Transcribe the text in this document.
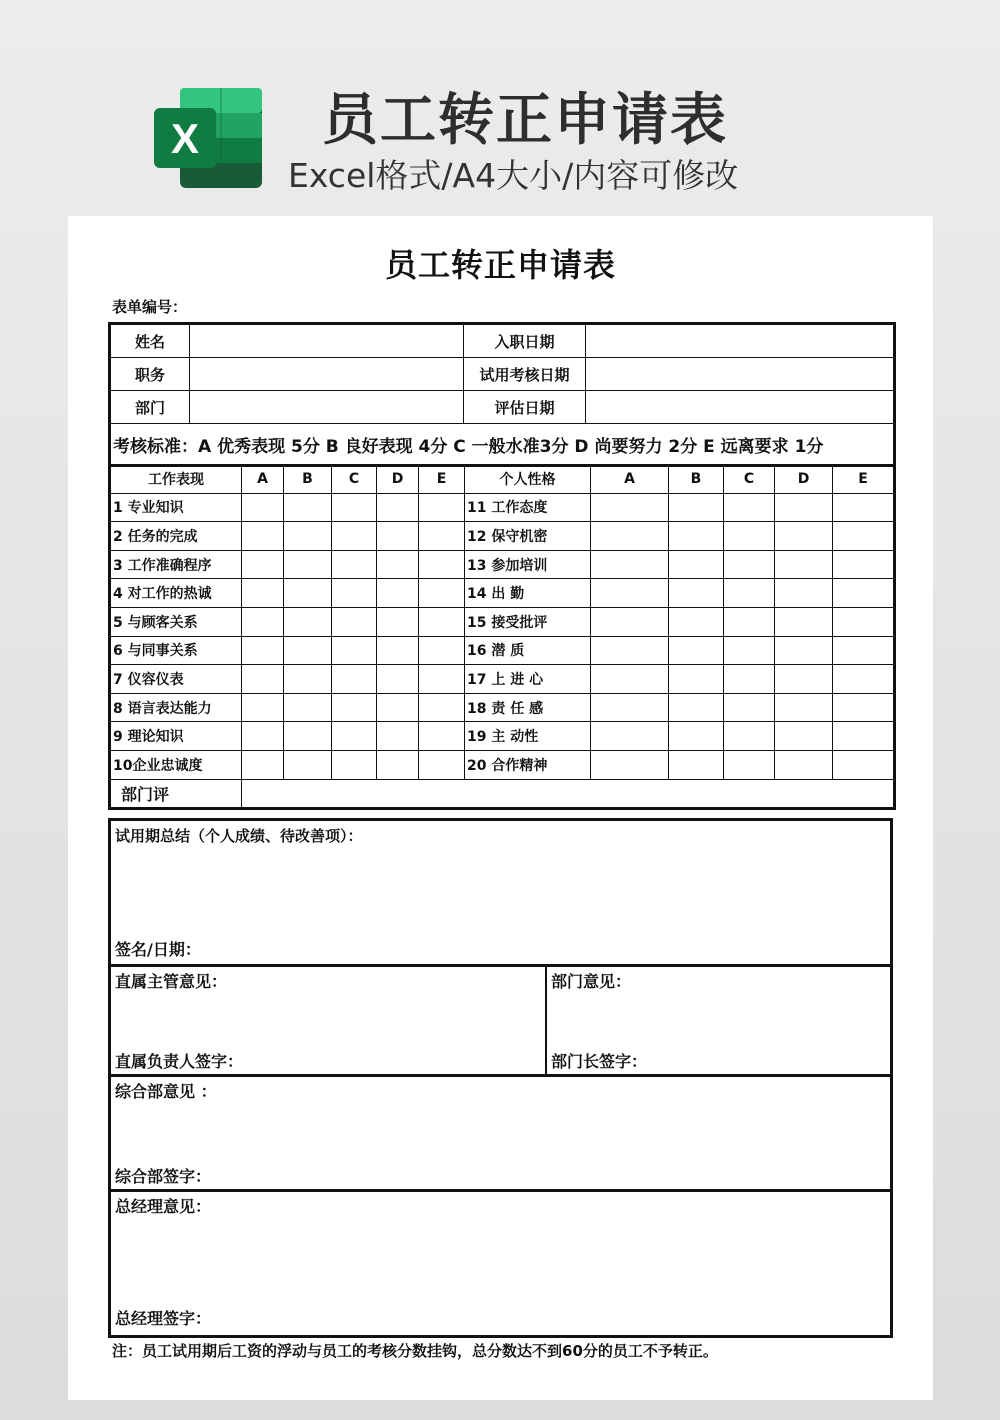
X 员工转正申请表
Excel格式/A4大小/内容可修改
员工转正申请表
表单编号：
姓名		入职日期	
职务		试用考核日期	
部门		评估日期	
考核标准：A 优秀表现 5分 B 良好表现 4分 C 一般水准3分 D 尚要努力 2分 E 远离要求 1分			
工作表现	A	B	C	D	E	个人性格	A	B	C	D	E
1 专业知识						11 工作态度					
2 任务的完成						12 保守机密					
3 工作准确程序						13 参加培训					
4 对工作的热诚						14 出 勤					
5 与顾客关系						15 接受批评					
6 与同事关系						16 潜 质					
7 仪容仪表						17 上 进 心					
8 语言表达能力						18 责 任 感					
9 理论知识						19 主 动性					
10企业忠诚度						20 合作精神					
部门评											
试用期总结（个人成绩、待改善项）：
签名/日期：
直属主管意见：
直属负责人签字：
部门意见：
部门长签字：
综合部意见 ：
综合部签字：
总经理意见：
总经理签字：
注：员工试用期后工资的浮动与员工的考核分数挂钩，总分数达不到60分的员工不予转正。
